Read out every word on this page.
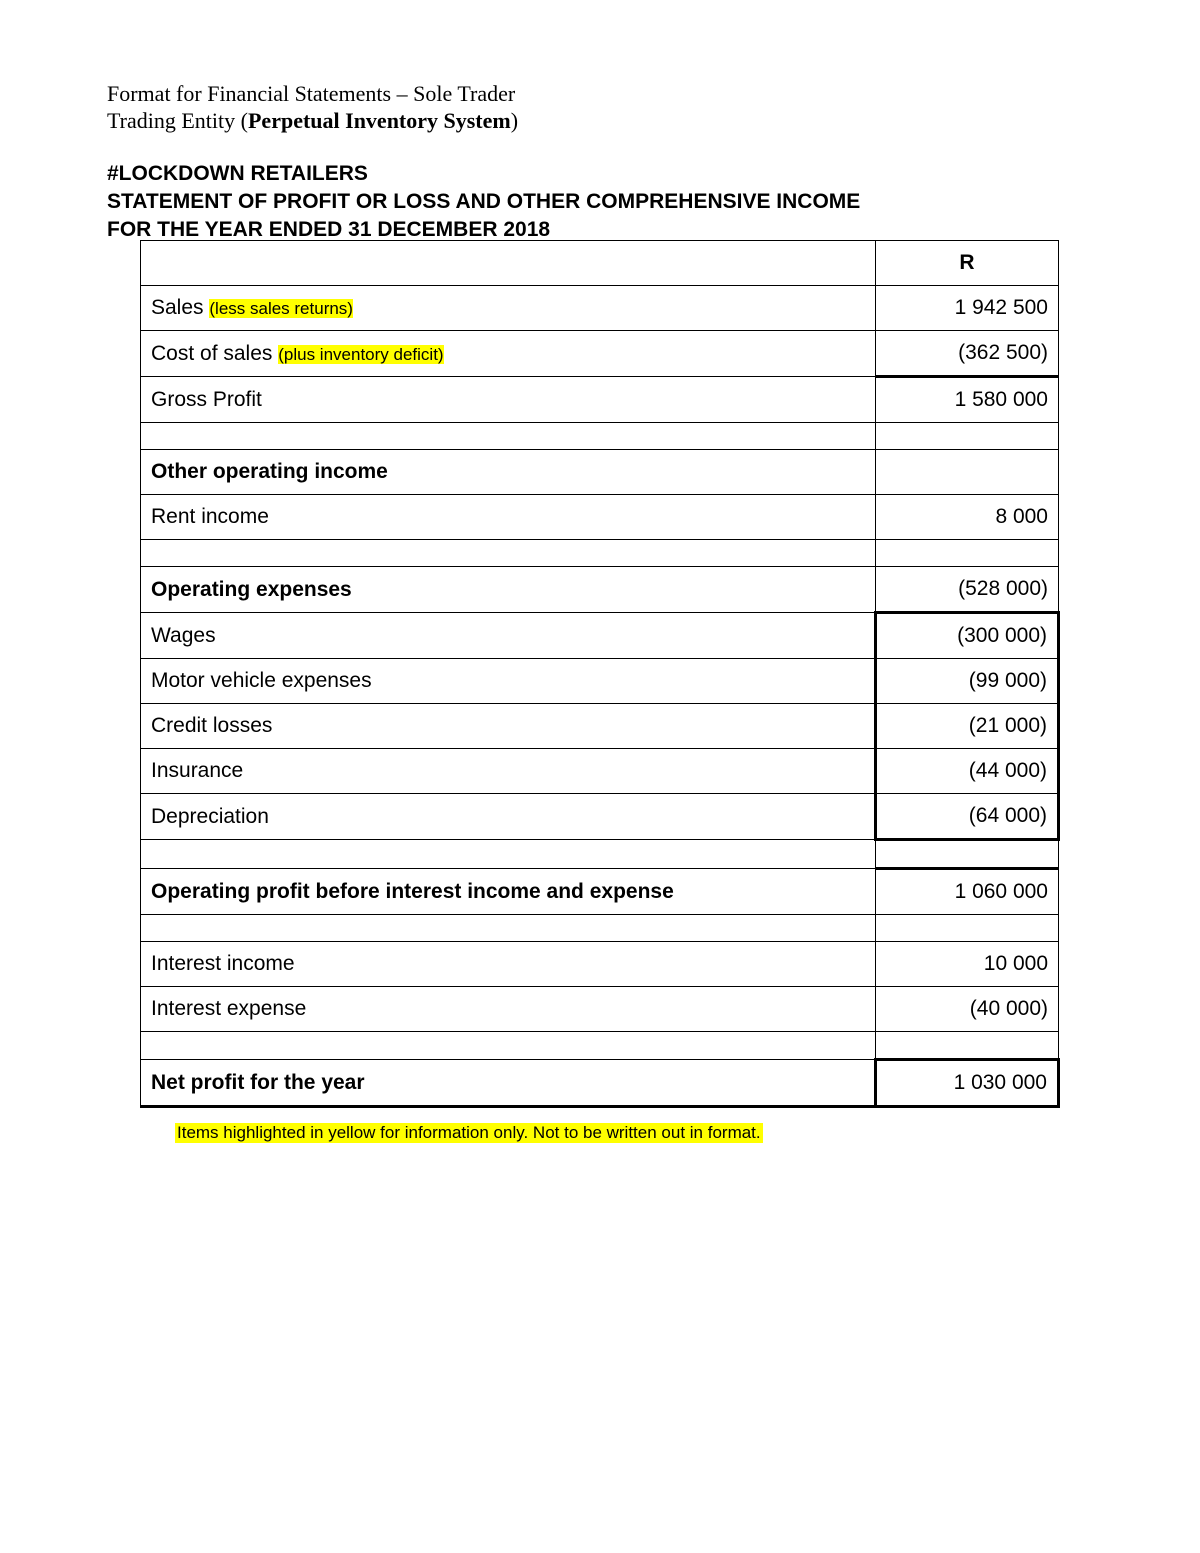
Format for Financial Statements – Sole Trader
Trading Entity (Perpetual Inventory System)
#LOCKDOWN RETAILERS
STATEMENT OF PROFIT OR LOSS AND OTHER COMPREHENSIVE INCOME
FOR THE YEAR ENDED 31 DECEMBER 2018
	R
Sales (less sales returns)	1 942 500
Cost of sales (plus inventory deficit)	(362 500)
Gross Profit	1 580 000

Other operating income	
Rent income	8 000

Operating expenses	(528 000)
Wages	(300 000)
Motor vehicle expenses	(99 000)
Credit losses	(21 000)
Insurance	(44 000)
Depreciation	(64 000)

Operating profit before interest income and expense	1 060 000

Interest income	10 000
Interest expense	(40 000)

Net profit for the year	1 030 000
Items highlighted in yellow for information only. Not to be written out in format.
